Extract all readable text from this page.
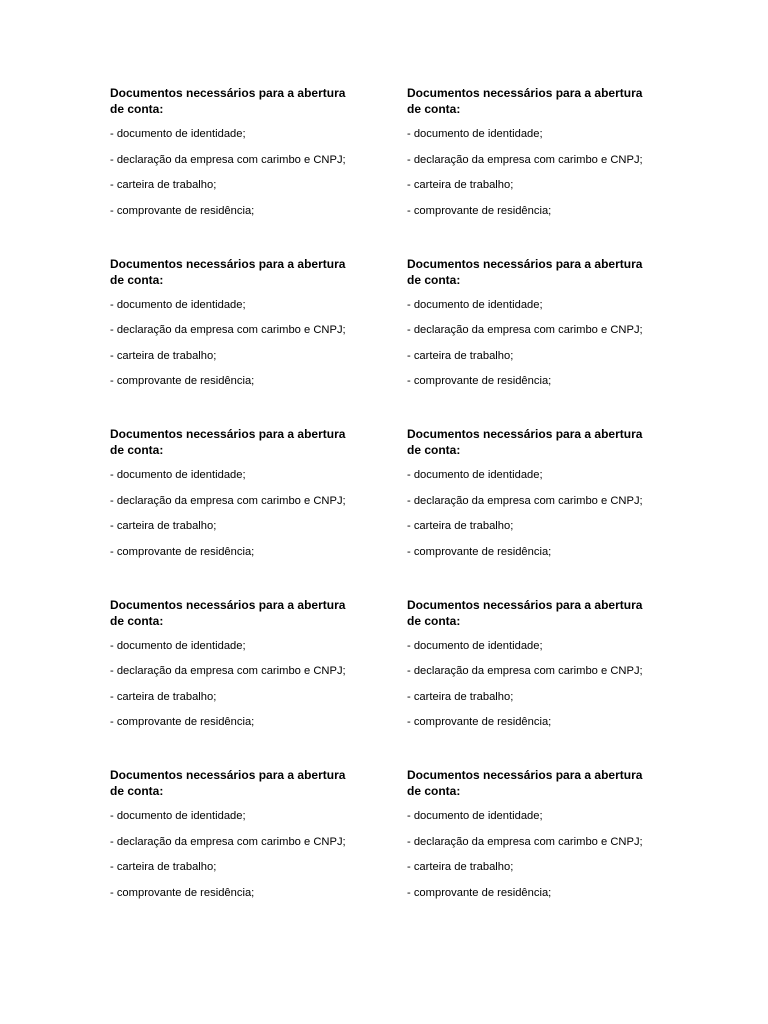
Documentos necessários para a abertura de conta:
- documento de identidade;
- declaração da empresa com carimbo e CNPJ;
- carteira de trabalho;
- comprovante de residência;
Documentos necessários para a abertura de conta:
- documento de identidade;
- declaração da empresa com carimbo e CNPJ;
- carteira de trabalho;
- comprovante de residência;
Documentos necessários para a abertura de conta:
- documento de identidade;
- declaração da empresa com carimbo e CNPJ;
- carteira de trabalho;
- comprovante de residência;
Documentos necessários para a abertura de conta:
- documento de identidade;
- declaração da empresa com carimbo e CNPJ;
- carteira de trabalho;
- comprovante de residência;
Documentos necessários para a abertura de conta:
- documento de identidade;
- declaração da empresa com carimbo e CNPJ;
- carteira de trabalho;
- comprovante de residência;
Documentos necessários para a abertura de conta:
- documento de identidade;
- declaração da empresa com carimbo e CNPJ;
- carteira de trabalho;
- comprovante de residência;
Documentos necessários para a abertura de conta:
- documento de identidade;
- declaração da empresa com carimbo e CNPJ;
- carteira de trabalho;
- comprovante de residência;
Documentos necessários para a abertura de conta:
- documento de identidade;
- declaração da empresa com carimbo e CNPJ;
- carteira de trabalho;
- comprovante de residência;
Documentos necessários para a abertura de conta:
- documento de identidade;
- declaração da empresa com carimbo e CNPJ;
- carteira de trabalho;
- comprovante de residência;
Documentos necessários para a abertura de conta:
- documento de identidade;
- declaração da empresa com carimbo e CNPJ;
- carteira de trabalho;
- comprovante de residência;
